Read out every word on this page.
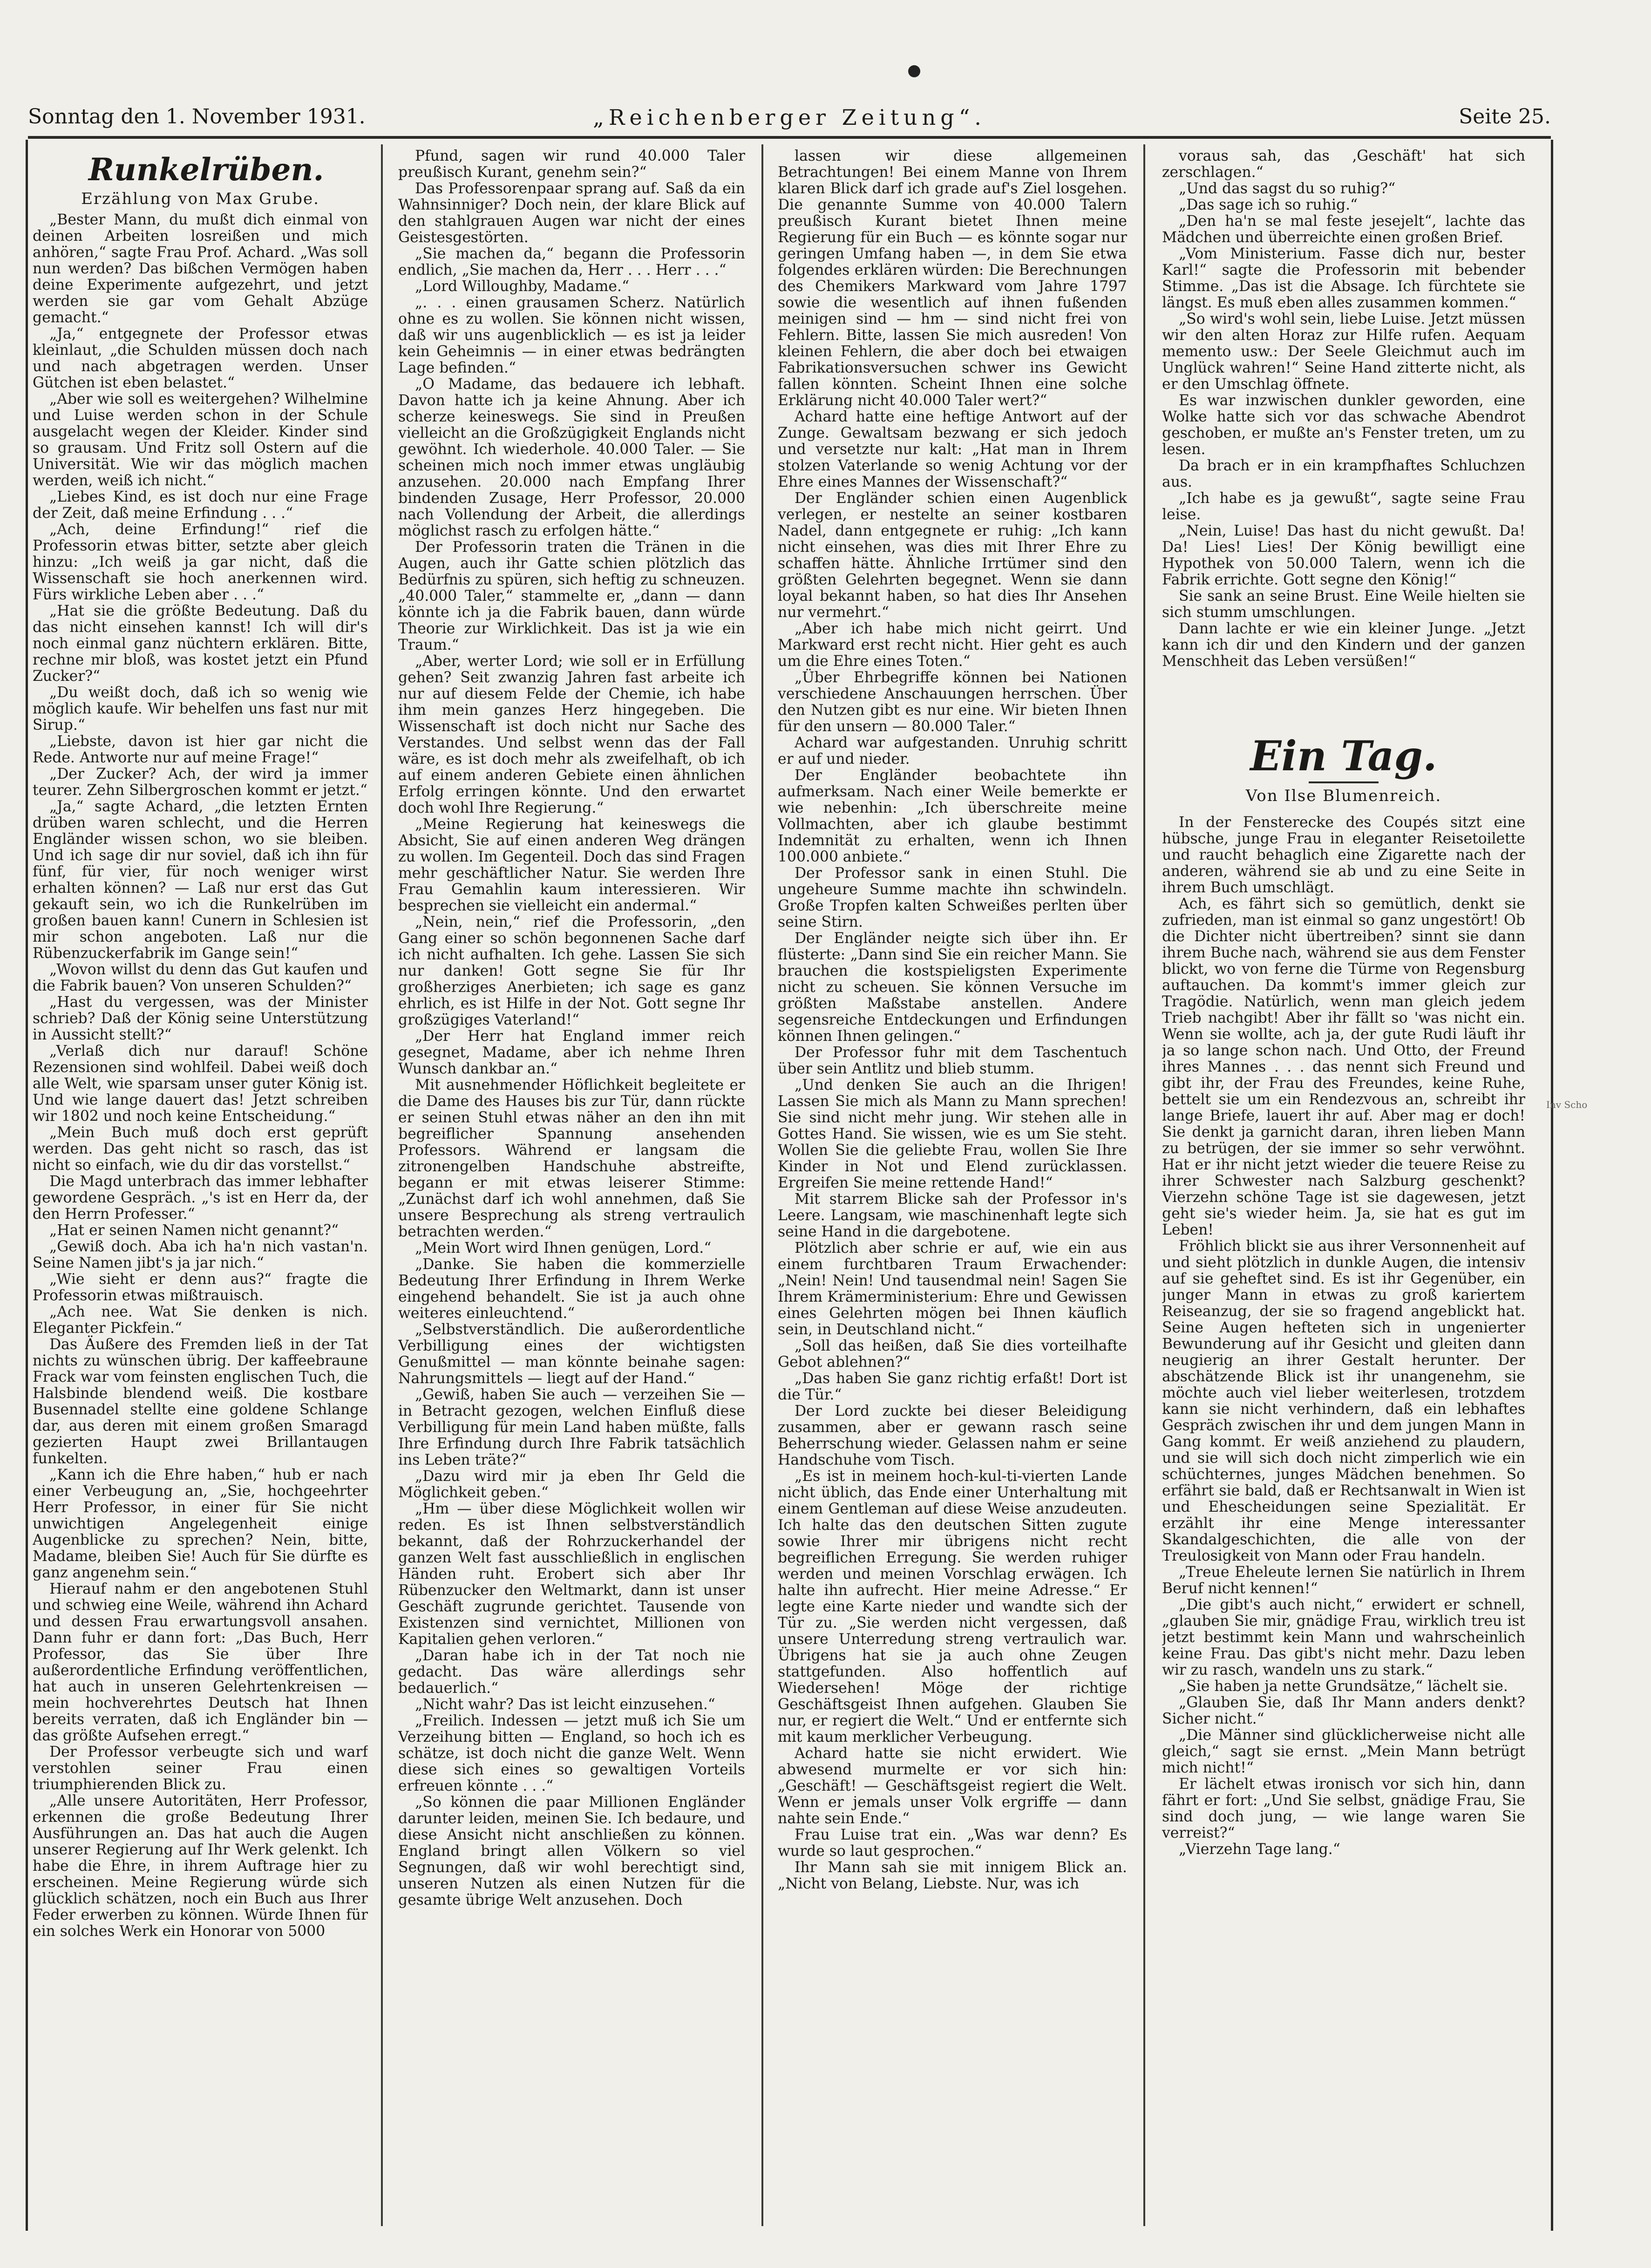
Sonntag den 1. November 1931.	„Reichenberger Zeitung“.	Seite 25.
Runkelrüben.
Erzählung von Max Grube.

„Bester Mann, du mußt dich einmal von deinen Arbeiten losreißen und mich anhören,“ sagte Frau Prof. Achard. „Was soll nun werden? Das bißchen Vermögen haben deine Experimente aufgezehrt, und jetzt werden sie gar vom Gehalt Abzüge gemacht.“

„Ja,“ entgegnete der Professor etwas kleinlaut, „die Schulden müssen doch nach und nach abgetragen werden. Unser Gütchen ist eben belastet.“

„Aber wie soll es weitergehen? Wilhelmine und Luise werden schon in der Schule ausgelacht wegen der Kleider. Kinder sind so grausam. Und Fritz soll Ostern auf die Universität. Wie wir das möglich machen werden, weiß ich nicht.“

„Liebes Kind, es ist doch nur eine Frage der Zeit, daß meine Erfindung . . .“

„Ach, deine Erfindung!“ rief die Professorin etwas bitter, setzte aber gleich hinzu: „Ich weiß ja gar nicht, daß die Wissenschaft sie hoch anerkennen wird. Fürs wirkliche Leben aber . . .“

„Hat sie die größte Bedeutung. Daß du das nicht einsehen kannst! Ich will dir's noch einmal ganz nüchtern erklären. Bitte, rechne mir bloß, was kostet jetzt ein Pfund Zucker?“

„Du weißt doch, daß ich so wenig wie möglich kaufe. Wir behelfen uns fast nur mit Sirup.“

„Liebste, davon ist hier gar nicht die Rede. Antworte nur auf meine Frage!“

„Der Zucker? Ach, der wird ja immer teurer. Zehn Silbergroschen kommt er jetzt.“

„Ja,“ sagte Achard, „die letzten Ernten drüben waren schlecht, und die Herren Engländer wissen schon, wo sie bleiben. Und ich sage dir nur soviel, daß ich ihn für fünf, für vier, für noch weniger wirst erhalten können? — Laß nur erst das Gut gekauft sein, wo ich die Runkelrüben im großen bauen kann! Cunern in Schlesien ist mir schon angeboten. Laß nur die Rübenzuckerfabrik im Gange sein!“

„Wovon willst du denn das Gut kaufen und die Fabrik bauen? Von unseren Schulden?“

„Hast du vergessen, was der Minister schrieb? Daß der König seine Unterstützung in Aussicht stellt?“

„Verlaß dich nur darauf! Schöne Rezensionen sind wohlfeil. Dabei weiß doch alle Welt, wie sparsam unser guter König ist. Und wie lange dauert das! Jetzt schreiben wir 1802 und noch keine Entscheidung.“

„Mein Buch muß doch erst geprüft werden. Das geht nicht so rasch, das ist nicht so einfach, wie du dir das vorstellst.“

Die Magd unterbrach das immer lebhafter gewordene Gespräch. „'s ist en Herr da, der den Herrn Professer.“

„Hat er seinen Namen nicht genannt?“

„Gewiß doch. Aba ich ha'n nich vastan'n. Seine Namen jibt's ja jar nich.“

„Wie sieht er denn aus?“ fragte die Professorin etwas mißtrauisch.

„Ach nee. Wat Sie denken is nich. Eleganter Pickfein.“

Das Äußere des Fremden ließ in der Tat nichts zu wünschen übrig. Der kaffeebraune Frack war vom feinsten englischen Tuch, die Halsbinde blendend weiß. Die kostbare Busennadel stellte eine goldene Schlange dar, aus deren mit einem großen Smaragd gezierten Haupt zwei Brillantaugen funkelten.

„Kann ich die Ehre haben,“ hub er nach einer Verbeugung an, „Sie, hochgeehrter Herr Professor, in einer für Sie nicht unwichtigen Angelegenheit einige Augenblicke zu sprechen? Nein, bitte, Madame, bleiben Sie! Auch für Sie dürfte es ganz angenehm sein.“

Hierauf nahm er den angebotenen Stuhl und schwieg eine Weile, während ihn Achard und dessen Frau erwartungsvoll ansahen. Dann fuhr er dann fort: „Das Buch, Herr Professor, das Sie über Ihre außerordentliche Erfindung veröffentlichen, hat auch in unseren Gelehrtenkreisen — mein hochverehrtes Deutsch hat Ihnen bereits verraten, daß ich Engländer bin — das größte Aufsehen erregt.“

Der Professor verbeugte sich und warf verstohlen seiner Frau einen triumphierenden Blick zu.

„Alle unsere Autoritäten, Herr Professor, erkennen die große Bedeutung Ihrer Ausführungen an. Das hat auch die Augen unserer Regierung auf Ihr Werk gelenkt. Ich habe die Ehre, in ihrem Auftrage hier zu erscheinen. Meine Regierung würde sich glücklich schätzen, noch ein Buch aus Ihrer Feder erwerben zu können. Würde Ihnen für ein solches Werk ein Honorar von 5000

Pfund, sagen wir rund 40.000 Taler preußisch Kurant, genehm sein?“

Das Professorenpaar sprang auf. Saß da ein Wahnsinniger? Doch nein, der klare Blick auf den stahlgrauen Augen war nicht der eines Geistesgestörten.

„Sie machen da,“ begann die Professorin endlich, „Sie machen da, Herr . . . Herr . . .“

„Lord Willoughby, Madame.“

„. . . einen grausamen Scherz. Natürlich ohne es zu wollen. Sie können nicht wissen, daß wir uns augenblicklich — es ist ja leider kein Geheimnis — in einer etwas bedrängten Lage befinden.“

„O Madame, das bedauere ich lebhaft. Davon hatte ich ja keine Ahnung. Aber ich scherze keineswegs. Sie sind in Preußen vielleicht an die Großzügigkeit Englands nicht gewöhnt. Ich wiederhole. 40.000 Taler. — Sie scheinen mich noch immer etwas ungläubig anzusehen. 20.000 nach Empfang Ihrer bindenden Zusage, Herr Professor, 20.000 nach Vollendung der Arbeit, die allerdings möglichst rasch zu erfolgen hätte.“

Der Professorin traten die Tränen in die Augen, auch ihr Gatte schien plötzlich das Bedürfnis zu spüren, sich heftig zu schneuzen. „40.000 Taler,“ stammelte er, „dann — dann könnte ich ja die Fabrik bauen, dann würde Theorie zur Wirklichkeit. Das ist ja wie ein Traum.“

„Aber, werter Lord; wie soll er in Erfüllung gehen? Seit zwanzig Jahren fast arbeite ich nur auf diesem Felde der Chemie, ich habe ihm mein ganzes Herz hingegeben. Die Wissenschaft ist doch nicht nur Sache des Verstandes. Und selbst wenn das der Fall wäre, es ist doch mehr als zweifelhaft, ob ich auf einem anderen Gebiete einen ähnlichen Erfolg erringen könnte. Und den erwartet doch wohl Ihre Regierung.“

„Meine Regierung hat keineswegs die Absicht, Sie auf einen anderen Weg drängen zu wollen. Im Gegenteil. Doch das sind Fragen mehr geschäftlicher Natur. Sie werden Ihre Frau Gemahlin kaum interessieren. Wir besprechen sie vielleicht ein andermal.“

„Nein, nein,“ rief die Professorin, „den Gang einer so schön begonnenen Sache darf ich nicht aufhalten. Ich gehe. Lassen Sie sich nur danken! Gott segne Sie für Ihr großherziges Anerbieten; ich sage es ganz ehrlich, es ist Hilfe in der Not. Gott segne Ihr großzügiges Vaterland!“

„Der Herr hat England immer reich gesegnet, Madame, aber ich nehme Ihren Wunsch dankbar an.“

Mit ausnehmender Höflichkeit begleitete er die Dame des Hauses bis zur Tür, dann rückte er seinen Stuhl etwas näher an den ihn mit begreiflicher Spannung ansehenden Professors. Während er langsam die zitronengelben Handschuhe abstreifte, begann er mit etwas leiserer Stimme: „Zunächst darf ich wohl annehmen, daß Sie unsere Besprechung als streng vertraulich betrachten werden.“

„Mein Wort wird Ihnen genügen, Lord.“

„Danke. Sie haben die kommerzielle Bedeutung Ihrer Erfindung in Ihrem Werke eingehend behandelt. Sie ist ja auch ohne weiteres einleuchtend.“

„Selbstverständlich. Die außerordentliche Verbilligung eines der wichtigsten Genußmittel — man könnte beinahe sagen: Nahrungsmittels — liegt auf der Hand.“

„Gewiß, haben Sie auch — verzeihen Sie — in Betracht gezogen, welchen Einfluß diese Verbilligung für mein Land haben müßte, falls Ihre Erfindung durch Ihre Fabrik tatsächlich ins Leben träte?“

„Dazu wird mir ja eben Ihr Geld die Möglichkeit geben.“

„Hm — über diese Möglichkeit wollen wir reden. Es ist Ihnen selbstverständlich bekannt, daß der Rohrzuckerhandel der ganzen Welt fast ausschließlich in englischen Händen ruht. Erobert sich aber Ihr Rübenzucker den Weltmarkt, dann ist unser Geschäft zugrunde gerichtet. Tausende von Existenzen sind vernichtet, Millionen von Kapitalien gehen verloren.“

„Daran habe ich in der Tat noch nie gedacht. Das wäre allerdings sehr bedauerlich.“

„Nicht wahr? Das ist leicht einzusehen.“

„Freilich. Indessen — jetzt muß ich Sie um Verzeihung bitten — England, so hoch ich es schätze, ist doch nicht die ganze Welt. Wenn diese sich eines so gewaltigen Vorteils erfreuen könnte . . .“

„So können die paar Millionen Engländer darunter leiden, meinen Sie. Ich bedaure, und diese Ansicht nicht anschließen zu können. England bringt allen Völkern so viel Segnungen, daß wir wohl berechtigt sind, unseren Nutzen als einen Nutzen für die gesamte übrige Welt anzusehen. Doch

lassen wir diese allgemeinen Betrachtungen! Bei einem Manne von Ihrem klaren Blick darf ich grade auf's Ziel losgehen. Die genannte Summe von 40.000 Talern preußisch Kurant bietet Ihnen meine Regierung für ein Buch — es könnte sogar nur geringen Umfang haben —, in dem Sie etwa folgendes erklären würden: Die Berechnungen des Chemikers Markward vom Jahre 1797 sowie die wesentlich auf ihnen fußenden meinigen sind — hm — sind nicht frei von Fehlern. Bitte, lassen Sie mich ausreden! Von kleinen Fehlern, die aber doch bei etwaigen Fabrikationsversuchen schwer ins Gewicht fallen könnten. Scheint Ihnen eine solche Erklärung nicht 40.000 Taler wert?“

Achard hatte eine heftige Antwort auf der Zunge. Gewaltsam bezwang er sich jedoch und versetzte nur kalt: „Hat man in Ihrem stolzen Vaterlande so wenig Achtung vor der Ehre eines Mannes der Wissenschaft?“

Der Engländer schien einen Augenblick verlegen, er nestelte an seiner kostbaren Nadel, dann entgegnete er ruhig: „Ich kann nicht einsehen, was dies mit Ihrer Ehre zu schaffen hätte. Ähnliche Irrtümer sind den größten Gelehrten begegnet. Wenn sie dann loyal bekannt haben, so hat dies Ihr Ansehen nur vermehrt.“

„Aber ich habe mich nicht geirrt. Und Markward erst recht nicht. Hier geht es auch um die Ehre eines Toten.“

„Über Ehrbegriffe können bei Nationen verschiedene Anschauungen herrschen. Über den Nutzen gibt es nur eine. Wir bieten Ihnen für den unsern — 80.000 Taler.“

Achard war aufgestanden. Unruhig schritt er auf und nieder.

Der Engländer beobachtete ihn aufmerksam. Nach einer Weile bemerkte er wie nebenhin: „Ich überschreite meine Vollmachten, aber ich glaube bestimmt Indemnität zu erhalten, wenn ich Ihnen 100.000 anbiete.“

Der Professor sank in einen Stuhl. Die ungeheure Summe machte ihn schwindeln. Große Tropfen kalten Schweißes perlten über seine Stirn.

Der Engländer neigte sich über ihn. Er flüsterte: „Dann sind Sie ein reicher Mann. Sie brauchen die kostspieligsten Experimente nicht zu scheuen. Sie können Versuche im größten Maßstabe anstellen. Andere segensreiche Entdeckungen und Erfindungen können Ihnen gelingen.“

Der Professor fuhr mit dem Taschentuch über sein Antlitz und blieb stumm.

„Und denken Sie auch an die Ihrigen! Lassen Sie mich als Mann zu Mann sprechen! Sie sind nicht mehr jung. Wir stehen alle in Gottes Hand. Sie wissen, wie es um Sie steht. Wollen Sie die geliebte Frau, wollen Sie Ihre Kinder in Not und Elend zurücklassen. Ergreifen Sie meine rettende Hand!“

Mit starrem Blicke sah der Professor in's Leere. Langsam, wie maschinenhaft legte sich seine Hand in die dargebotene.

Plötzlich aber schrie er auf, wie ein aus einem furchtbaren Traum Erwachender: „Nein! Nein! Und tausendmal nein! Sagen Sie Ihrem Krämerministerium: Ehre und Gewissen eines Gelehrten mögen bei Ihnen käuflich sein, in Deutschland nicht.“

„Soll das heißen, daß Sie dies vorteilhafte Gebot ablehnen?“

„Das haben Sie ganz richtig erfaßt! Dort ist die Tür.“

Der Lord zuckte bei dieser Beleidigung zusammen, aber er gewann rasch seine Beherrschung wieder. Gelassen nahm er seine Handschuhe vom Tisch.

„Es ist in meinem hoch-kul-ti-vierten Lande nicht üblich, das Ende einer Unterhaltung mit einem Gentleman auf diese Weise anzudeuten. Ich halte das den deutschen Sitten zugute sowie Ihrer mir übrigens nicht recht begreiflichen Erregung. Sie werden ruhiger werden und meinen Vorschlag erwägen. Ich halte ihn aufrecht. Hier meine Adresse.“ Er legte eine Karte nieder und wandte sich der Tür zu. „Sie werden nicht vergessen, daß unsere Unterredung streng vertraulich war. Übrigens hat sie ja auch ohne Zeugen stattgefunden. Also hoffentlich auf Wiedersehen! Möge der richtige Geschäftsgeist Ihnen aufgehen. Glauben Sie nur, er regiert die Welt.“ Und er entfernte sich mit kaum merklicher Verbeugung.

Achard hatte sie nicht erwidert. Wie abwesend murmelte er vor sich hin: „Geschäft! — Geschäftsgeist regiert die Welt. Wenn er jemals unser Volk ergriffe — dann nahte sein Ende.“

Frau Luise trat ein. „Was war denn? Es wurde so laut gesprochen.“

Ihr Mann sah sie mit innigem Blick an. „Nicht von Belang, Liebste. Nur, was ich

voraus sah, das ‚Geschäft' hat sich zerschlagen.“

„Und das sagst du so ruhig?“

„Das sage ich so ruhig.“

„Den ha'n se mal feste jesejelt“, lachte das Mädchen und überreichte einen großen Brief.

„Vom Ministerium. Fasse dich nur, bester Karl!“ sagte die Professorin mit bebender Stimme. „Das ist die Absage. Ich fürchtete sie längst. Es muß eben alles zusammen kommen.“

„So wird's wohl sein, liebe Luise. Jetzt müssen wir den alten Horaz zur Hilfe rufen. Aequam memento usw.: Der Seele Gleichmut auch im Unglück wahren!“ Seine Hand zitterte nicht, als er den Umschlag öffnete.

Es war inzwischen dunkler geworden, eine Wolke hatte sich vor das schwache Abendrot geschoben, er mußte an's Fenster treten, um zu lesen.

Da brach er in ein krampfhaftes Schluchzen aus.

„Ich habe es ja gewußt“, sagte seine Frau leise.

„Nein, Luise! Das hast du nicht gewußt. Da! Da! Lies! Lies! Der König bewilligt eine Hypothek von 50.000 Talern, wenn ich die Fabrik errichte. Gott segne den König!“

Sie sank an seine Brust. Eine Weile hielten sie sich stumm umschlungen.

Dann lachte er wie ein kleiner Junge. „Jetzt kann ich dir und den Kindern und der ganzen Menschheit das Leben versüßen!“

Ein Tag.
Von Ilse Blumenreich.

In der Fensterecke des Coupés sitzt eine hübsche, junge Frau in eleganter Reisetoilette und raucht behaglich eine Zigarette nach der anderen, während sie ab und zu eine Seite in ihrem Buch umschlägt.

Ach, es fährt sich so gemütlich, denkt sie zufrieden, man ist einmal so ganz ungestört! Ob die Dichter nicht übertreiben? sinnt sie dann ihrem Buche nach, während sie aus dem Fenster blickt, wo von ferne die Türme von Regensburg auftauchen. Da kommt's immer gleich zur Tragödie. Natürlich, wenn man gleich jedem Trieb nachgibt! Aber ihr fällt so 'was nicht ein. Wenn sie wollte, ach ja, der gute Rudi läuft ihr ja so lange schon nach. Und Otto, der Freund ihres Mannes . . . das nennt sich Freund und gibt ihr, der Frau des Freundes, keine Ruhe, bettelt sie um ein Rendezvous an, schreibt ihr lange Briefe, lauert ihr auf. Aber mag er doch! Sie denkt ja garnicht daran, ihren lieben Mann zu betrügen, der sie immer so sehr verwöhnt. Hat er ihr nicht jetzt wieder die teuere Reise zu ihrer Schwester nach Salzburg geschenkt? Vierzehn schöne Tage ist sie dagewesen, jetzt geht sie's wieder heim. Ja, sie hat es gut im Leben!

Fröhlich blickt sie aus ihrer Versonnenheit auf und sieht plötzlich in dunkle Augen, die intensiv auf sie geheftet sind. Es ist ihr Gegenüber, ein junger Mann in etwas zu groß kariertem Reiseanzug, der sie so fragend angeblickt hat. Seine Augen hefteten sich in ungenierter Bewunderung auf ihr Gesicht und gleiten dann neugierig an ihrer Gestalt herunter. Der abschätzende Blick ist ihr unangenehm, sie möchte auch viel lieber weiterlesen, trotzdem kann sie nicht verhindern, daß ein lebhaftes Gespräch zwischen ihr und dem jungen Mann in Gang kommt. Er weiß anziehend zu plaudern, und sie will sich doch nicht zimperlich wie ein schüchternes, junges Mädchen benehmen. So erfährt sie bald, daß er Rechtsanwalt in Wien ist und Ehescheidungen seine Spezialität. Er erzählt ihr eine Menge interessanter Skandalgeschichten, die alle von der Treulosigkeit von Mann oder Frau handeln.

„Treue Eheleute lernen Sie natürlich in Ihrem Beruf nicht kennen!“

„Die gibt's auch nicht,“ erwidert er schnell, „glauben Sie mir, gnädige Frau, wirklich treu ist jetzt bestimmt kein Mann und wahrscheinlich keine Frau. Das gibt's nicht mehr. Dazu leben wir zu rasch, wandeln uns zu stark.“

„Sie haben ja nette Grundsätze,“ lächelt sie.

„Glauben Sie, daß Ihr Mann anders denkt? Sicher nicht.“

„Die Männer sind glücklicherweise nicht alle gleich,“ sagt sie ernst. „Mein Mann betrügt mich nicht!“

Er lächelt etwas ironisch vor sich hin, dann fährt er fort: „Und Sie selbst, gnädige Frau, Sie sind doch jung, — wie lange waren Sie verreist?“

„Vierzehn Tage lang.“

Inv Scho
